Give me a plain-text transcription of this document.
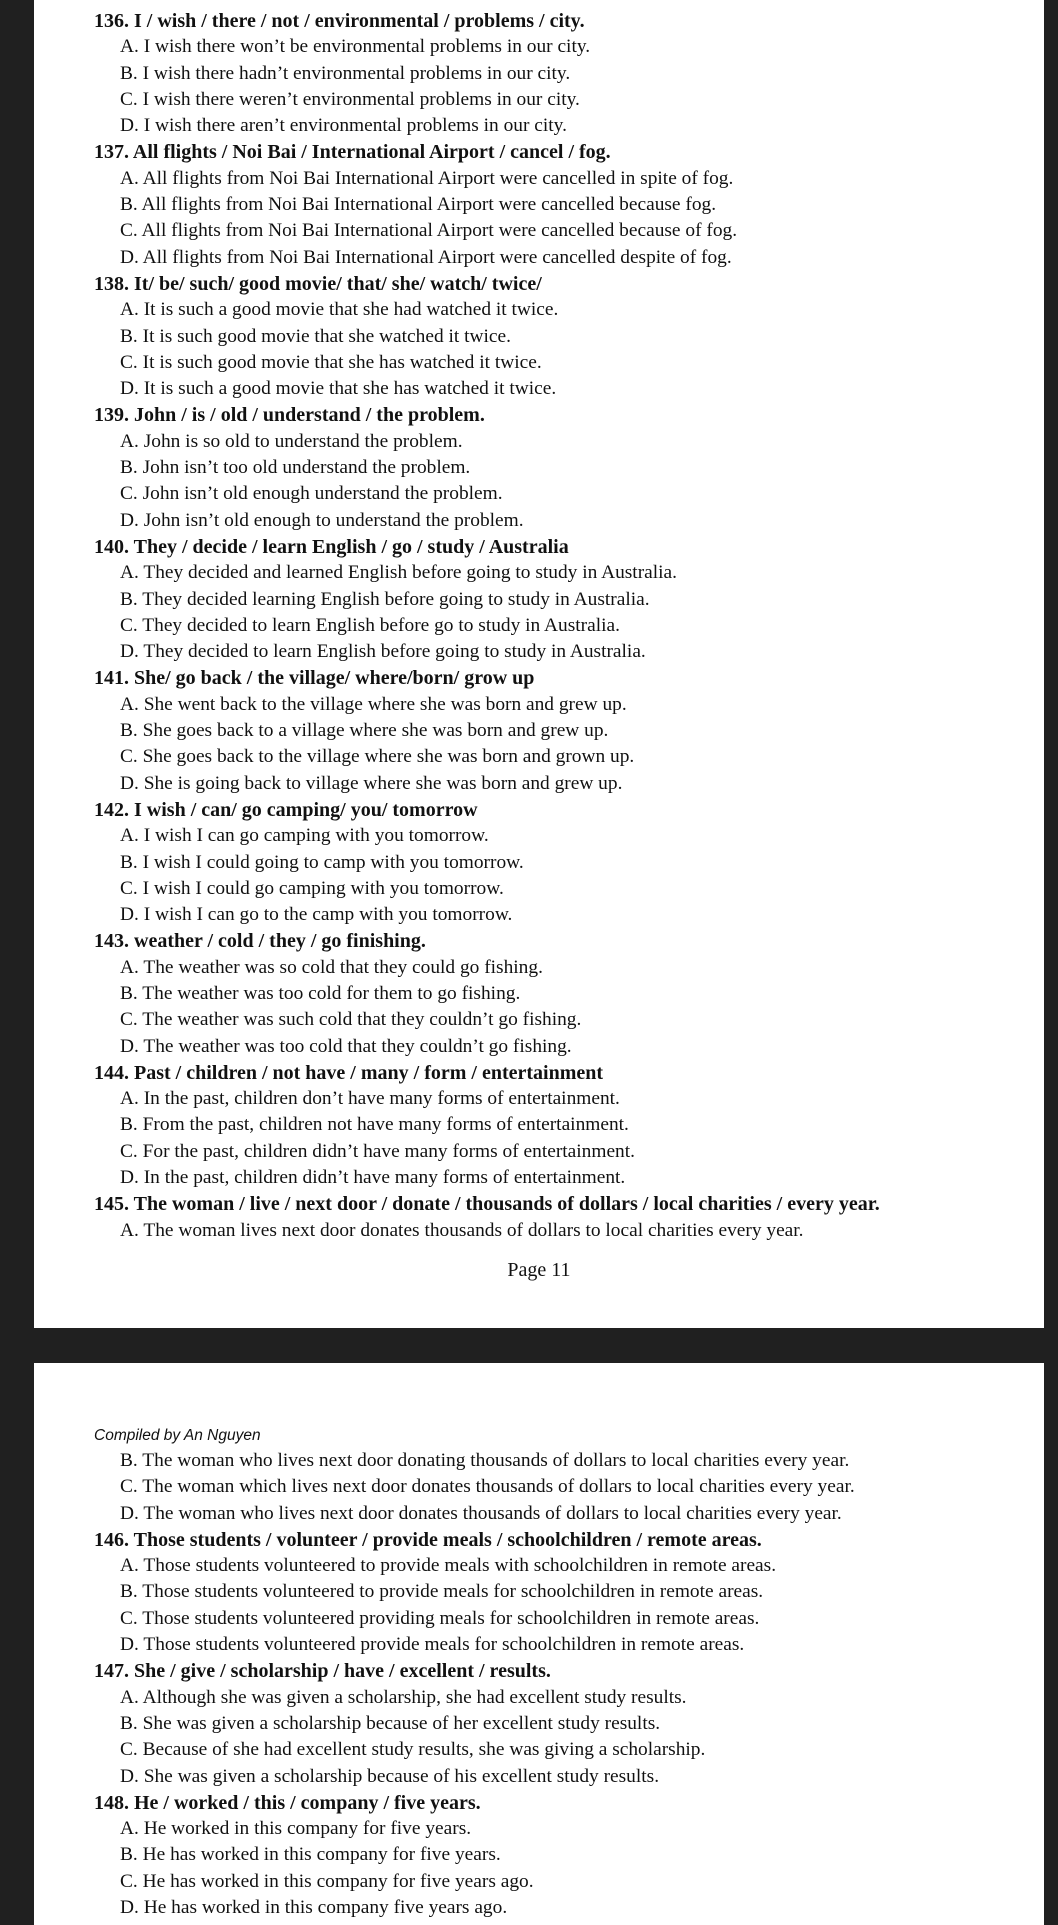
136. I / wish / there / not / environmental / problems / city.
A. I wish there won’t be environmental problems in our city.
B. I wish there hadn’t environmental problems in our city.
C. I wish there weren’t environmental problems in our city.
D. I wish there aren’t environmental problems in our city.
137. All flights / Noi Bai / International Airport / cancel / fog.
A. All flights from Noi Bai International Airport were cancelled in spite of fog.
B. All flights from Noi Bai International Airport were cancelled because fog.
C. All flights from Noi Bai International Airport were cancelled because of fog.
D. All flights from Noi Bai International Airport were cancelled despite of fog.
138. It/ be/ such/ good movie/ that/ she/ watch/ twice/
A. It is such a good movie that she had watched it twice.
B. It is such good movie that she watched it twice.
C. It is such good movie that she has watched it twice.
D. It is such a good movie that she has watched it twice.
139. John / is / old / understand / the problem.
A. John is so old to understand the problem.
B. John isn’t too old understand the problem.
C. John isn’t old enough understand the problem.
D. John isn’t old enough to understand the problem.
140. They / decide / learn English / go / study / Australia
A. They decided and learned English before going to study in Australia.
B. They decided learning English before going to study in Australia.
C. They decided to learn English before go to study in Australia.
D. They decided to learn English before going to study in Australia.
141. She/ go back / the village/ where/born/ grow up
A. She went back to the village where she was born and grew up.
B. She goes back to a village where she was born and grew up.
C. She goes back to the village where she was born and grown up.
D. She is going back to village where she was born and grew up.
142. I wish / can/ go camping/ you/ tomorrow
A. I wish I can go camping with you tomorrow.
B. I wish I could going to camp with you tomorrow.
C. I wish I could go camping with you tomorrow.
D. I wish I can go to the camp with you tomorrow.
143. weather / cold / they / go finishing.
A. The weather was so cold that they could go fishing.
B. The weather was too cold for them to go fishing.
C. The weather was such cold that they couldn’t go fishing.
D. The weather was too cold that they couldn’t go fishing.
144. Past / children / not have / many / form / entertainment
A. In the past, children don’t have many forms of entertainment.
B. From the past, children not have many forms of entertainment.
C. For the past, children didn’t have many forms of entertainment.
D. In the past, children didn’t have many forms of entertainment.
145. The woman / live / next door / donate / thousands of dollars / local charities / every year.
A. The woman lives next door donates thousands of dollars to local charities every year.
Page 11
Compiled by An Nguyen
B. The woman who lives next door donating thousands of dollars to local charities every year.
C. The woman which lives next door donates thousands of dollars to local charities every year.
D. The woman who lives next door donates thousands of dollars to local charities every year.
146. Those students / volunteer / provide meals / schoolchildren / remote areas.
A. Those students volunteered to provide meals with schoolchildren in remote areas.
B. Those students volunteered to provide meals for schoolchildren in remote areas.
C. Those students volunteered providing meals for schoolchildren in remote areas.
D. Those students volunteered provide meals for schoolchildren in remote areas.
147. She / give / scholarship / have / excellent / results.
A. Although she was given a scholarship, she had excellent study results.
B. She was given a scholarship because of her excellent study results.
C. Because of she had excellent study results, she was giving a scholarship.
D. She was given a scholarship because of his excellent study results.
148. He / worked / this / company / five years.
A. He worked in this company for five years.
B. He has worked in this company for five years.
C. He has worked in this company for five years ago.
D. He has worked in this company five years ago.
